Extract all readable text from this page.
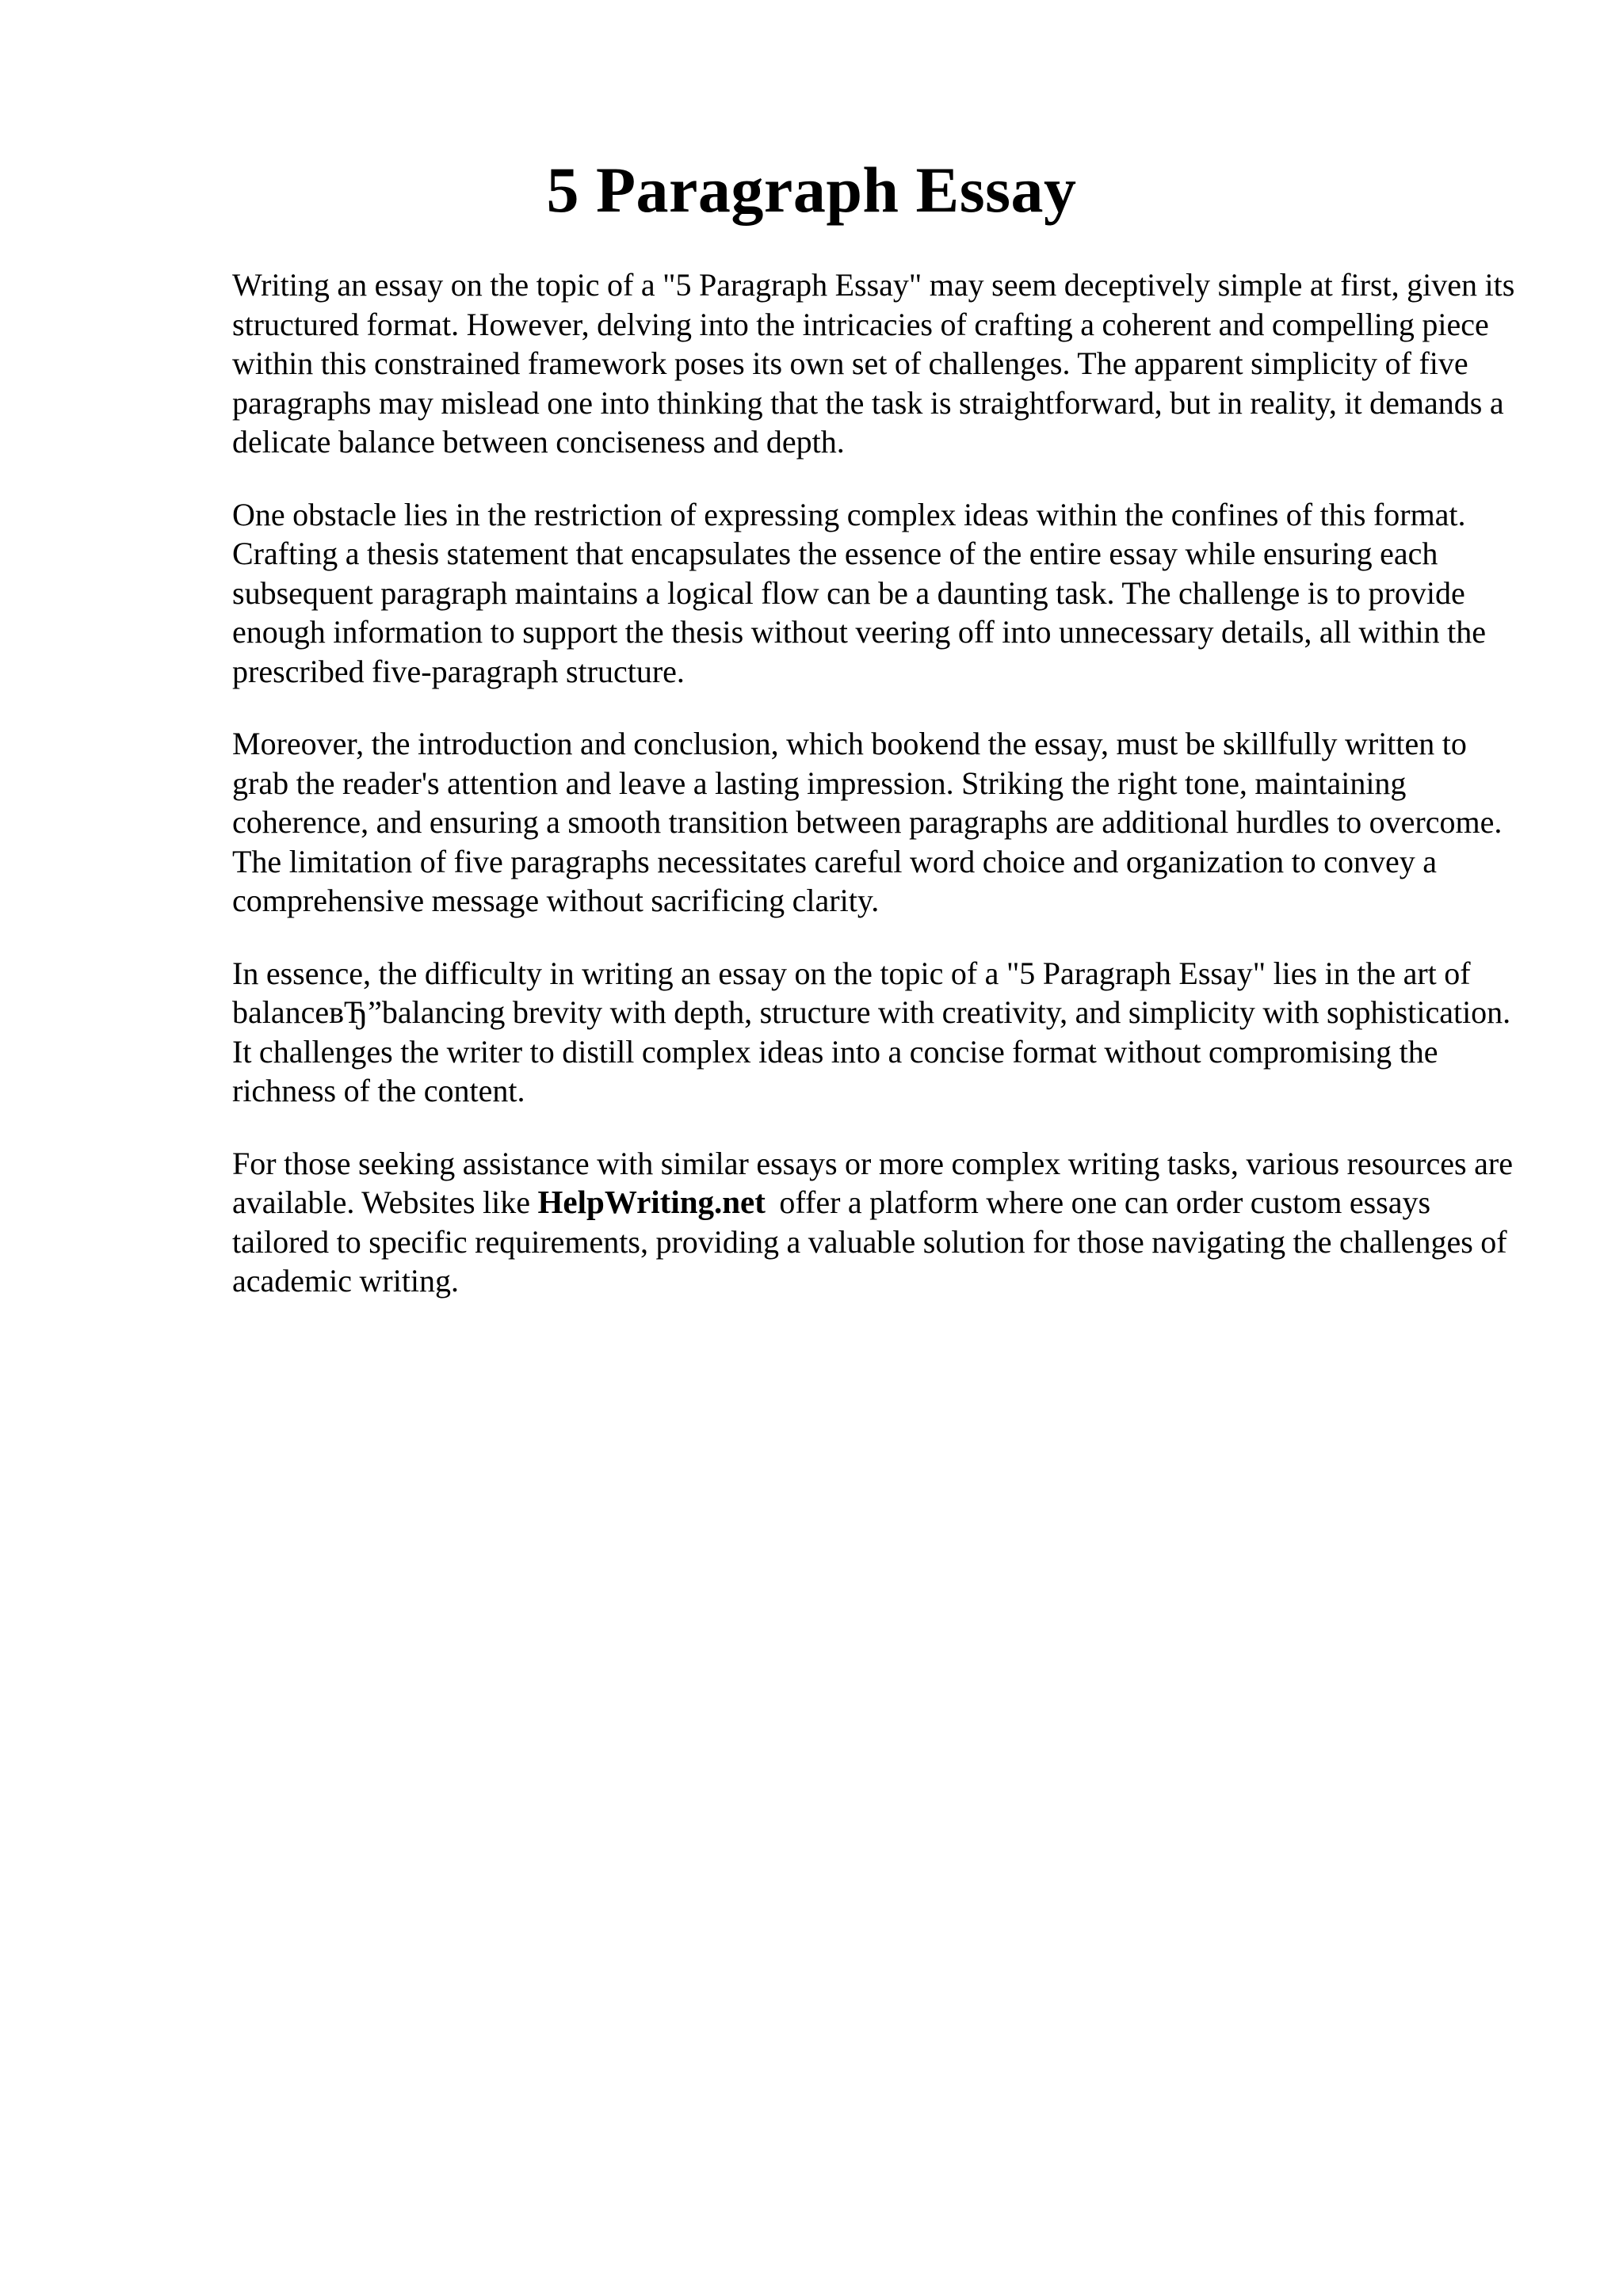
5 Paragraph Essay

Writing an essay on the topic of a "5 Paragraph Essay" may seem deceptively simple at first, given its structured format. However, delving into the intricacies of crafting a coherent and compelling piece within this constrained framework poses its own set of challenges. The apparent simplicity of five paragraphs may mislead one into thinking that the task is straightforward, but in reality, it demands a delicate balance between conciseness and depth.

One obstacle lies in the restriction of expressing complex ideas within the confines of this format. Crafting a thesis statement that encapsulates the essence of the entire essay while ensuring each subsequent paragraph maintains a logical flow can be a daunting task. The challenge is to provide enough information to support the thesis without veering off into unnecessary details, all within the prescribed five-paragraph structure.

Moreover, the introduction and conclusion, which bookend the essay, must be skillfully written to grab the reader's attention and leave a lasting impression. Striking the right tone, maintaining coherence, and ensuring a smooth transition between paragraphs are additional hurdles to overcome. The limitation of five paragraphs necessitates careful word choice and organization to convey a comprehensive message without sacrificing clarity.

In essence, the difficulty in writing an essay on the topic of a "5 Paragraph Essay" lies in the art of balanceвЂ”balancing brevity with depth, structure with creativity, and simplicity with sophistication. It challenges the writer to distill complex ideas into a concise format without compromising the richness of the content.

For those seeking assistance with similar essays or more complex writing tasks, various resources are available. Websites like HelpWriting.net offer a platform where one can order custom essays tailored to specific requirements, providing a valuable solution for those navigating the challenges of academic writing.
